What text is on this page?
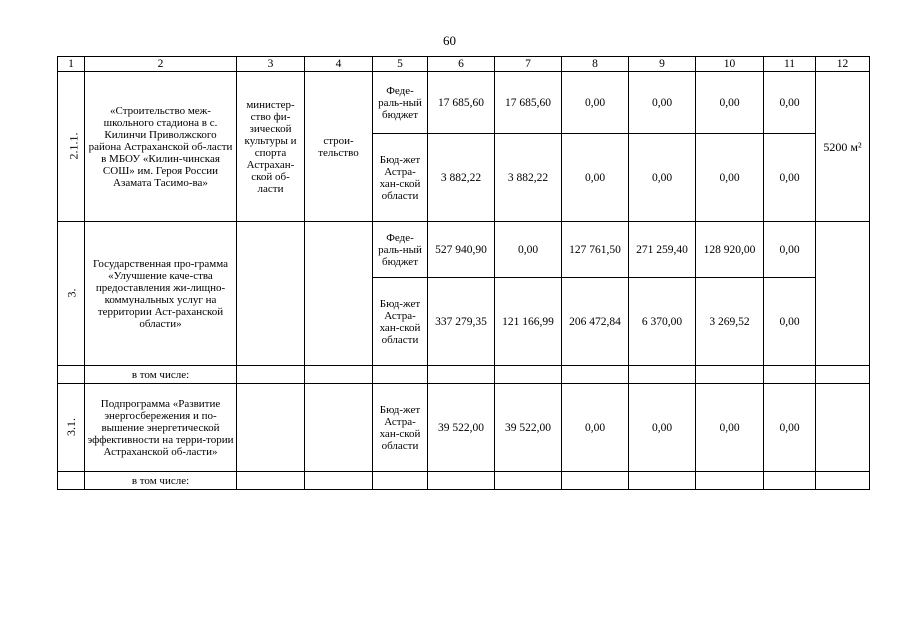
60
1	2	3	4	5	6	7	8	9	10	11	12
2.1.1.	«Строительство меж-школьного стадиона в с. Килинчи Приволжского района Астраханской об-ласти в МБОУ «Килин-чинская СОШ» им. Героя России Азамата Тасимо-ва»	министер-ство фи-зической культуры и спорта Астрахан-ской об-ласти	строи-тельство	Феде-раль-ный бюджет	17 685,60	17 685,60	0,00	0,00	0,00	0,00	5200 м²
				Бюд-жет Астра-хан-ской области	3 882,22	3 882,22	0,00	0,00	0,00	0,00	
3.	Государственная про-грамма «Улучшение каче-ства предоставления жи-лищно-коммунальных услуг на территории Аст-раханской области»			Феде-раль-ный бюджет	527 940,90	0,00	127 761,50	271 259,40	128 920,00	0,00	
				Бюд-жет Астра-хан-ской области	337 279,35	121 166,99	206 472,84	6 370,00	3 269,52	0,00	
	в том числе:										
3.1.	Подпрограмма «Развитие энергосбережения и по-вышение энергетической эффективности на терри-тории Астраханской об-ласти»			Бюд-жет Астра-хан-ской области	39 522,00	39 522,00	0,00	0,00	0,00	0,00	
	в том числе:										
